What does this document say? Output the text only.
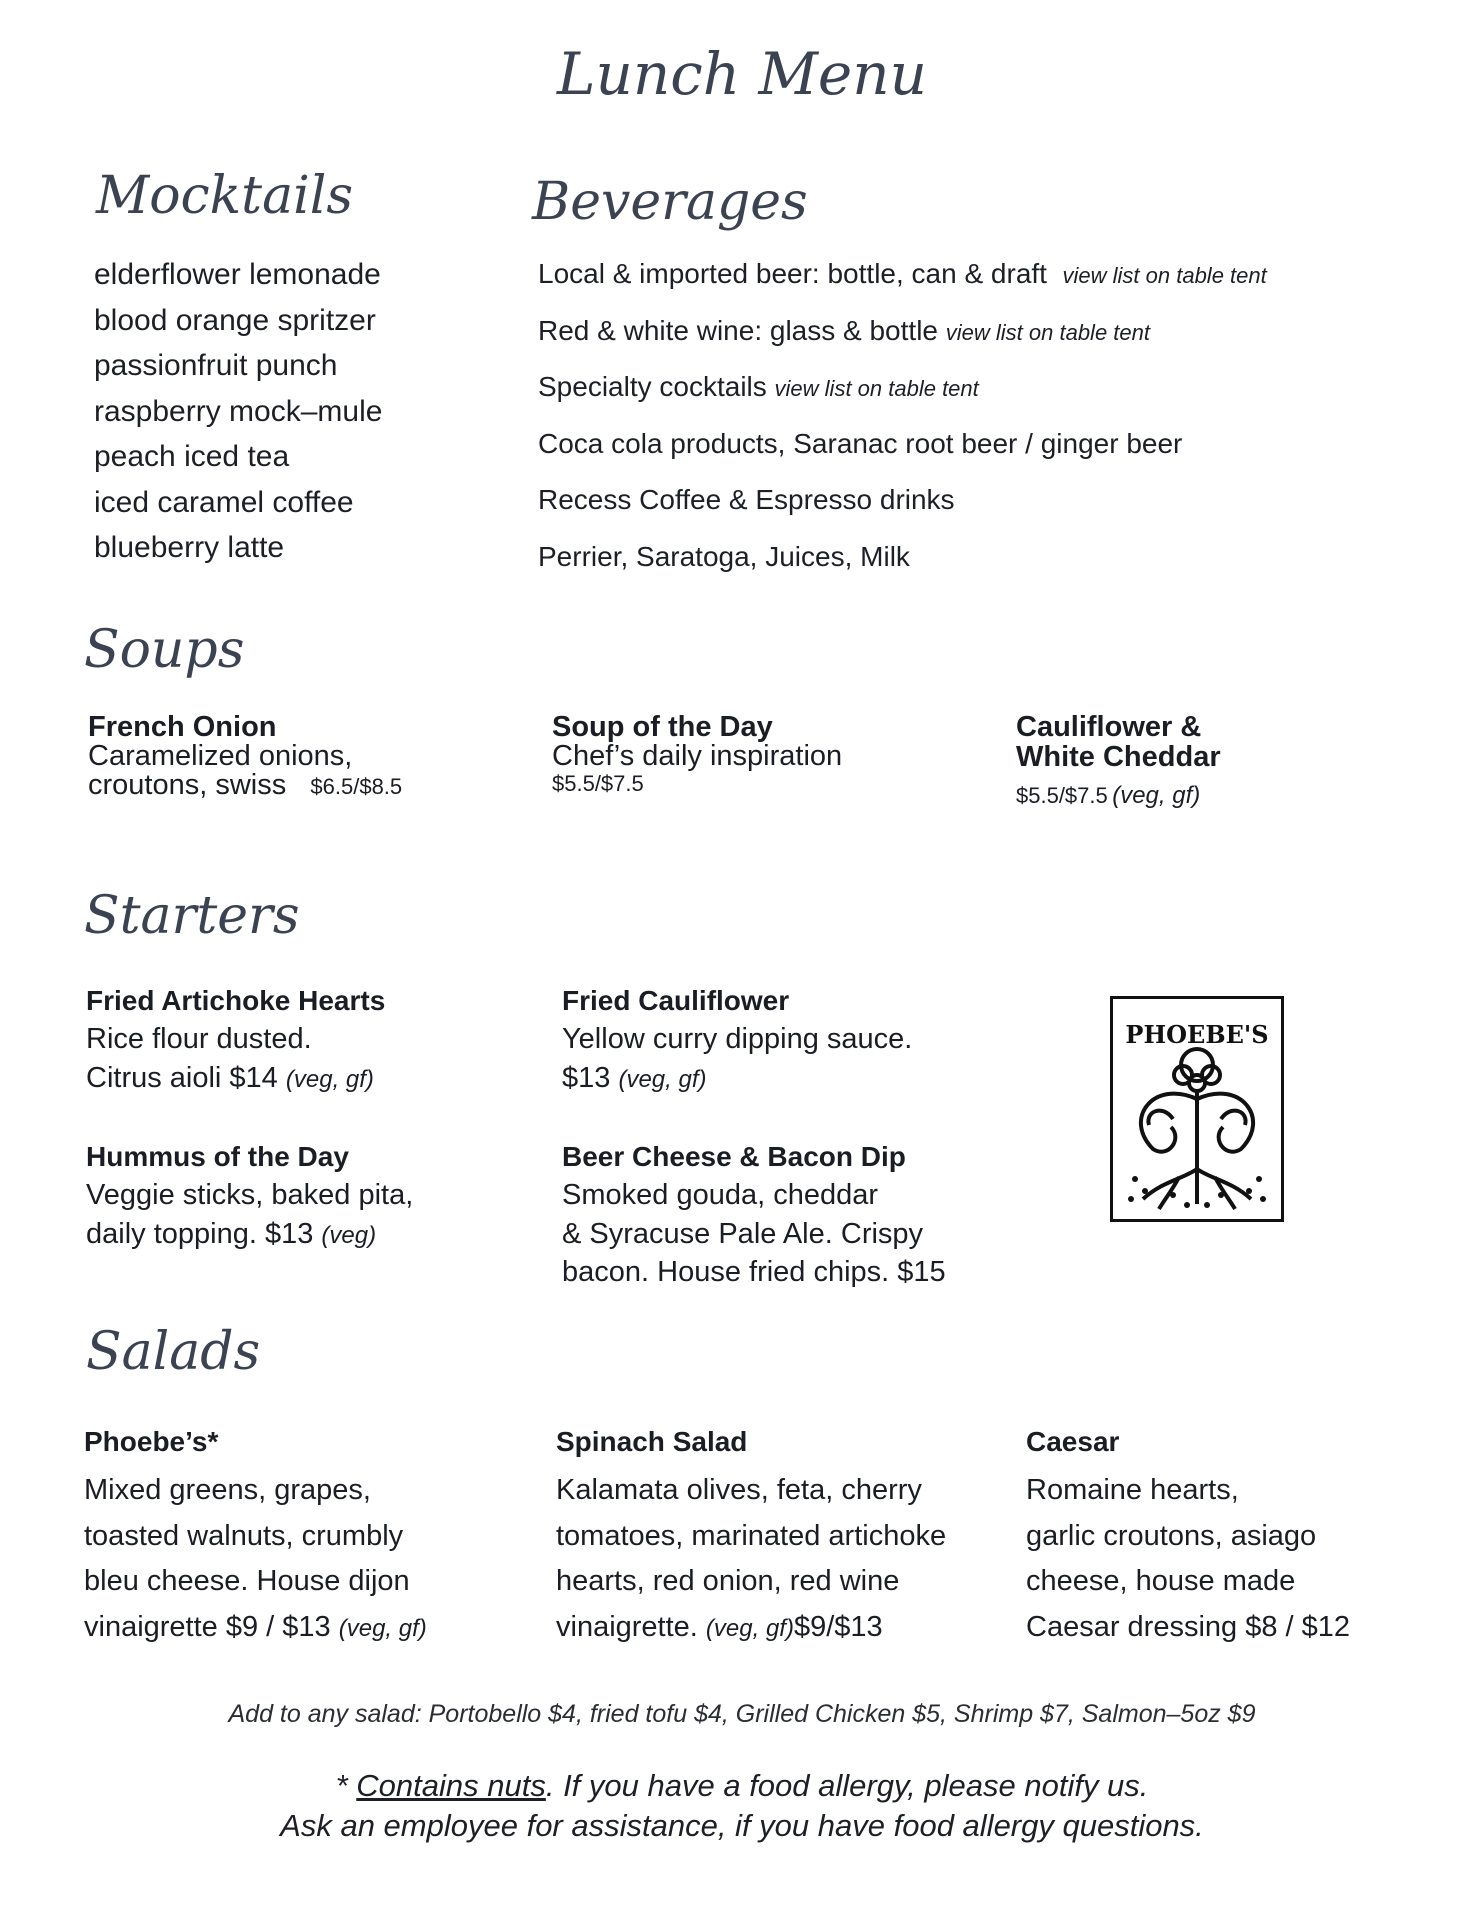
Lunch Menu
Mocktails
elderflower lemonade
blood orange spritzer
passionfruit punch
raspberry mock–mule
peach iced tea
iced caramel coffee
blueberry latte
Beverages
Local & imported beer: bottle, can & draft view list on table tent
Red & white wine: glass & bottle view list on table tent
Specialty cocktails view list on table tent
Coca cola products, Saranac root beer / ginger beer
Recess Coffee & Espresso drinks
Perrier, Saratoga, Juices, Milk
Soups
French Onion
Caramelized onions,
croutons, swiss $6.5/$8.5
Soup of the Day
Chef’s daily inspiration
$5.5/$7.5
Cauliflower &
White Cheddar
$5.5/$7.5 (veg, gf)
Starters
Fried Artichoke Hearts
Rice flour dusted.
Citrus aioli $14 (veg, gf)
Fried Cauliflower
Yellow curry dipping sauce.
$13 (veg, gf)
Hummus of the Day
Veggie sticks, baked pita,
daily topping. $13 (veg)
Beer Cheese & Bacon Dip
Smoked gouda, cheddar
& Syracuse Pale Ale. Crispy
bacon. House fried chips. $15
PHOEBE'S
Salads
Phoebe’s*
Mixed greens, grapes,
toasted walnuts, crumbly
bleu cheese. House dijon
vinaigrette $9 / $13 (veg, gf)
Spinach Salad
Kalamata olives, feta, cherry
tomatoes, marinated artichoke
hearts, red onion, red wine
vinaigrette. (veg, gf)$9/$13
Caesar
Romaine hearts,
garlic croutons, asiago
cheese, house made
Caesar dressing $8 / $12
Add to any salad: Portobello $4, fried tofu $4, Grilled Chicken $5, Shrimp $7, Salmon–5oz $9
* Contains nuts. If you have a food allergy, please notify us.
Ask an employee for assistance, if you have food allergy questions.
